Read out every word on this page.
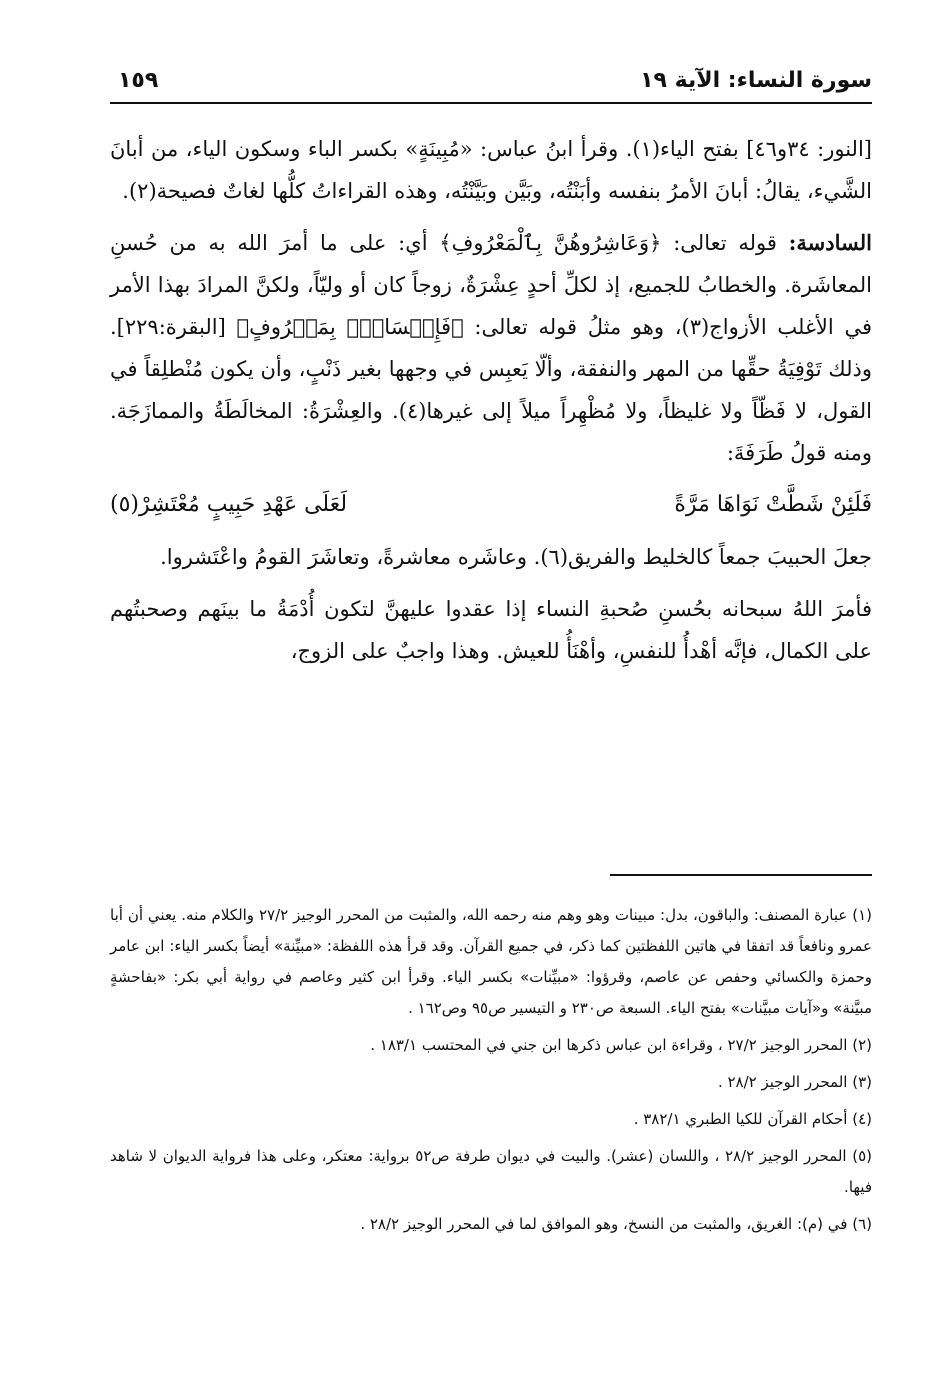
سورة النساء: الآية ١٩
١٥٩

[النور: ٣٤و٤٦] بفتح الياء(١). وقرأ ابنُ عباس: «مُبِينَةٍ» بكسر الباء وسكون الياء، من أبانَ الشَّيء، يقالُ: أبانَ الأمرُ بنفسه وأبَنْتُه، وبَيَّن وبَيَّنْتُه، وهذه القراءاتُ كلُّها لغاتٌ فصيحة(٢).

السادسة: قوله تعالى: ﴿وَعَاشِرُوهُنَّ بِٱلْمَعْرُوفِ﴾ أي: على ما أمرَ الله به من حُسنِ المعاشَرة. والخطابُ للجميع، إذ لكلِّ أحدٍ عِشْرَةٌ، زوجاً كان أو وليّاً، ولكنَّ المرادَ بهذا الأمر في الأغلب الأزواج(٣)، وهو مثلُ قوله تعالى: ﴿فَإِمۡسَاكُۢ بِمَعۡرُوفٍ﴾ [البقرة:٢٢٩]. وذلك تَوْفِيَةُ حقِّها من المهر والنفقة، وألّا يَعبِس في وجهها بغير ذَنْبٍ، وأن يكون مُنْطلِقاً في القول، لا فَظّاً ولا غليظاً، ولا مُظْهِراً ميلاً إلى غيرها(٤). والعِشْرَةُ: المخالَطَةُ والممازَجَة. ومنه قولُ طَرَفَةَ:

فَلَئِنْ شَطَّتْ نَوَاهَا مَرَّةً
لَعَلَى عَهْدِ حَبِيبٍ مُعْتَشِرْ(٥)

جعلَ الحبيبَ جمعاً كالخليط والفريق(٦). وعاشَره معاشرةً، وتعاشَرَ القومُ واعْتَشروا.

فأمرَ اللهُ سبحانه بحُسنِ صُحبةِ النساء إذا عقدوا عليهنَّ لتكون أُدْمَةُ ما بينَهم وصحبتُهم على الكمال، فإنَّه أهْدأُ للنفسِ، وأهْنَأُ للعيش. وهذا واجبٌ على الزوج،

(١) عبارة المصنف: والباقون، بدل: مبينات وهو وهم منه رحمه الله، والمثبت من المحرر الوجيز ٢٧/٢ والكلام منه. يعني أن أبا عمرو ونافعاً قد اتفقا في هاتين اللفظتين كما ذكر، في جميع القرآن. وقد قرأ هذه اللفظة: «مبيِّنة» أيضاً بكسر الياء: ابن عامر وحمزة والكسائي وحفص عن عاصم، وقرؤوا: «مبيِّنات» بكسر الياء. وقرأ ابن كثير وعاصم في رواية أبي بكر: «بفاحشةٍ مبيَّنة» و«آيات مبيَّنات» بفتح الياء. السبعة ص٢٣٠ و التيسير ص٩٥ وص١٦٢ .

(٢) المحرر الوجيز ٢٧/٢ ، وقراءة ابن عباس ذكرها ابن جني في المحتسب ١٨٣/١ .

(٣) المحرر الوجيز ٢٨/٢ .

(٤) أحكام القرآن للكيا الطبري ٣٨٢/١ .

(٥) المحرر الوجيز ٢٨/٢ ، واللسان (عشر). والبيت في ديوان طرفة ص٥٢ برواية: معتكر، وعلى هذا فرواية الديوان لا شاهد فيها.

(٦) في (م): الغريق، والمثبت من النسخ، وهو الموافق لما في المحرر الوجيز ٢٨/٢ .
